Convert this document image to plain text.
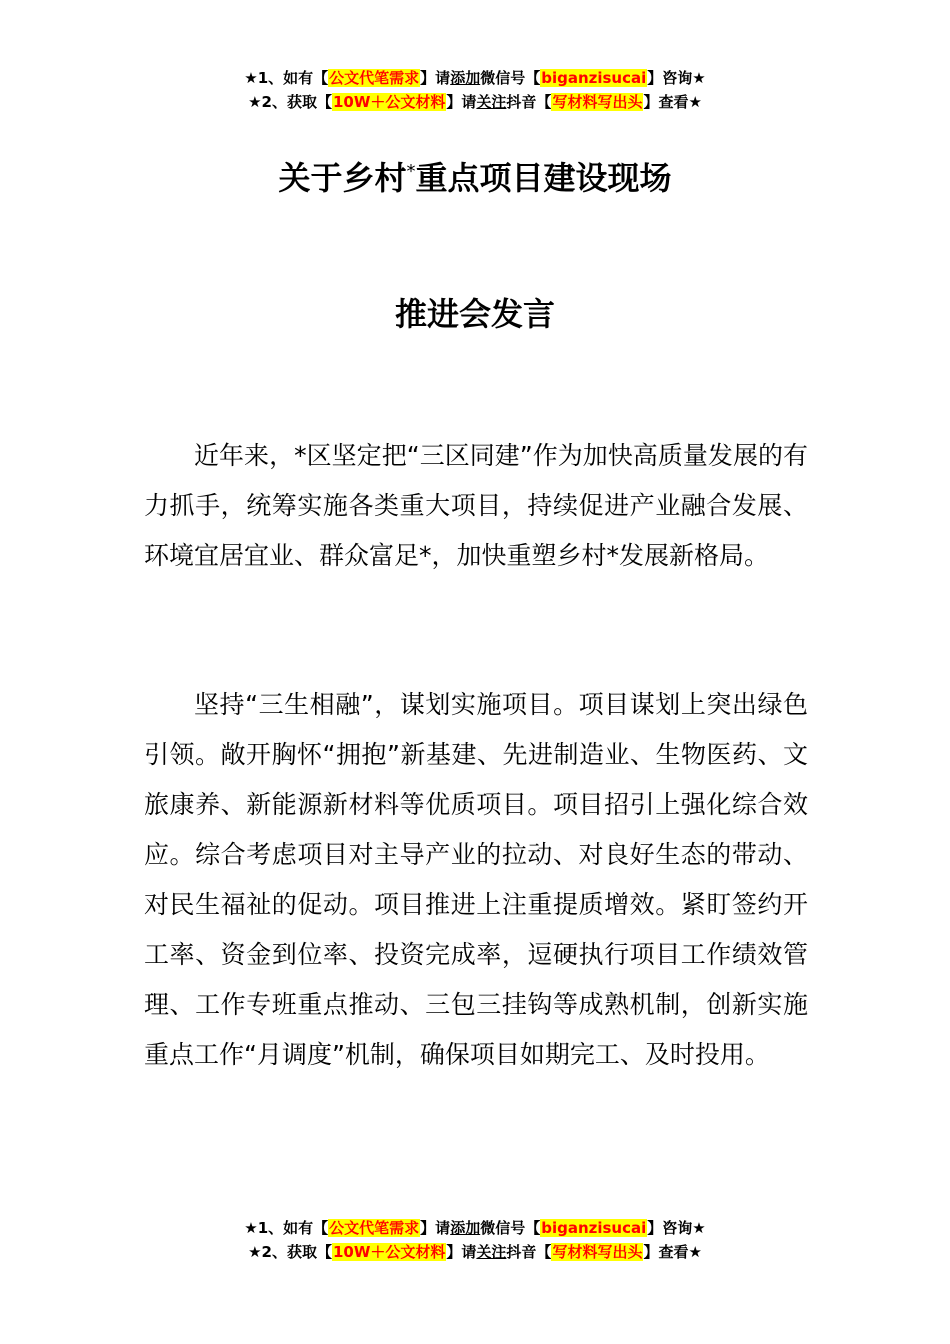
★1、如有【公文代笔需求】请添加微信号【biganzisucai】咨询★
★2、获取【10W＋公文材料】请关注抖音【写材料写出头】查看★
关于乡村*重点项目建设现场
推进会发言

近年来，*区坚定把“三区同建”作为加快高质量发展的有力抓手，统筹实施各类重大项目，持续促进产业融合发展、环境宜居宜业、群众富足*，加快重塑乡村*发展新格局。

坚持“三生相融”，谋划实施项目。项目谋划上突出绿色引领。敞开胸怀“拥抱”新基建、先进制造业、生物医药、文旅康养、新能源新材料等优质项目。项目招引上强化综合效应。综合考虑项目对主导产业的拉动、对良好生态的带动、对民生福祉的促动。项目推进上注重提质增效。紧盯签约开工率、资金到位率、投资完成率，逗硬执行项目工作绩效管理、工作专班重点推动、三包三挂钩等成熟机制，创新实施重点工作“月调度”机制，确保项目如期完工、及时投用。

★1、如有【公文代笔需求】请添加微信号【biganzisucai】咨询★
★2、获取【10W＋公文材料】请关注抖音【写材料写出头】查看★
